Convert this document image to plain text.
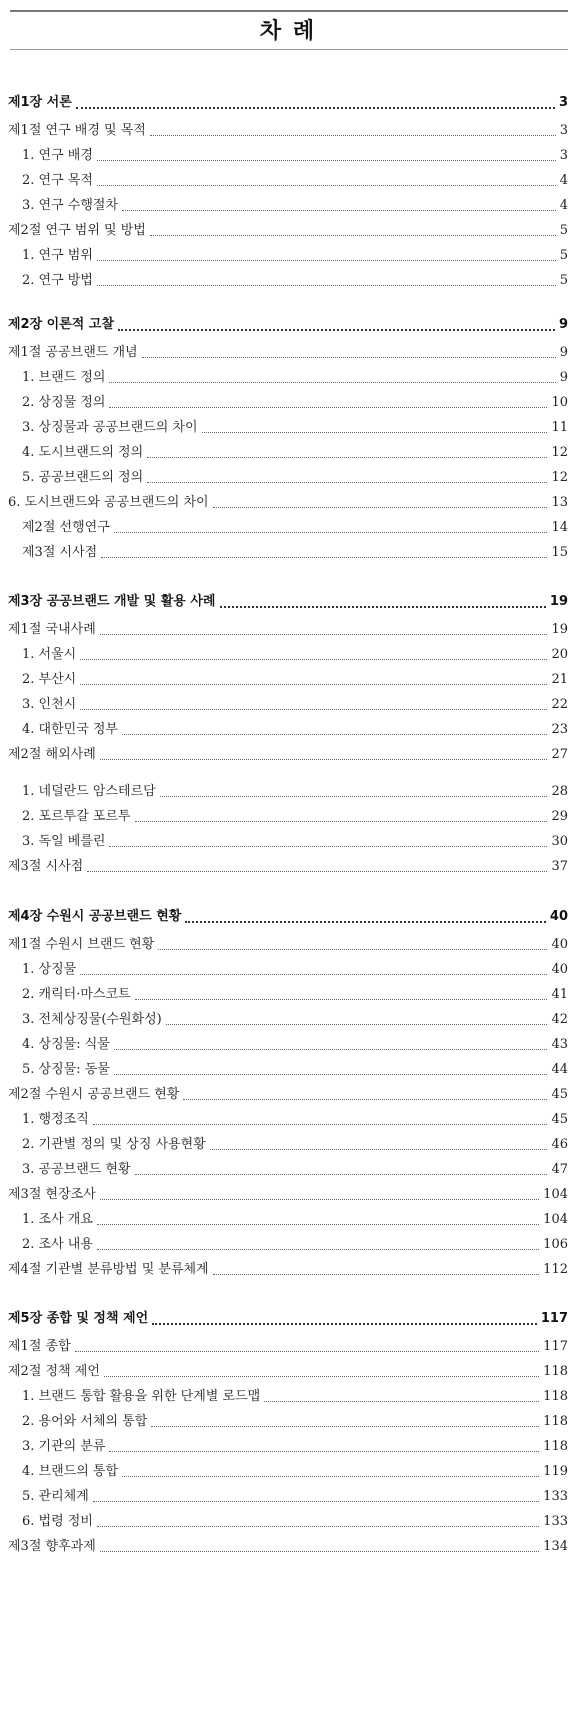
차 례
제1장 서론	3
제1절 연구 배경 및 목적	3
1. 연구 배경	3
2. 연구 목적	4
3. 연구 수행절차	4
제2절 연구 범위 및 방법	5
1. 연구 범위	5
2. 연구 방법	5
제2장 이론적 고찰	9
제1절 공공브랜드 개념	9
1. 브랜드 정의	9
2. 상징물 정의	10
3. 상징물과 공공브랜드의 차이	11
4. 도시브랜드의 정의	12
5. 공공브랜드의 정의	12
6. 도시브랜드와 공공브랜드의 차이	13
제2절 선행연구	14
제3절 시사점	15
제3장 공공브랜드 개발 및 활용 사례	19
제1절 국내사례	19
1. 서울시	20
2. 부산시	21
3. 인천시	22
4. 대한민국 정부	23
제2절 해외사례	27
1. 네덜란드 암스테르담	28
2. 포르투갈 포르투	29
3. 독일 베를린	30
제3절 시사점	37
제4장 수원시 공공브랜드 현황	40
제1절 수원시 브랜드 현황	40
1. 상징물	40
2. 캐릭터·마스코트	41
3. 전체상징물(수원화성)	42
4. 상징물: 식물	43
5. 상징물: 동물	44
제2절 수원시 공공브랜드 현황	45
1. 행정조직	45
2. 기관별 정의 및 상징 사용현황	46
3. 공공브랜드 현황	47
제3절 현장조사	104
1. 조사 개요	104
2. 조사 내용	106
제4절 기관별 분류방법 및 분류체계	112
제5장 종합 및 정책 제언	117
제1절 종합	117
제2절 정책 제언	118
1. 브랜드 통합 활용을 위한 단계별 로드맵	118
2. 용어와 서체의 통합	118
3. 기관의 분류	118
4. 브랜드의 통합	119
5. 관리체계	133
6. 법령 정비	133
제3절 향후과제	134
